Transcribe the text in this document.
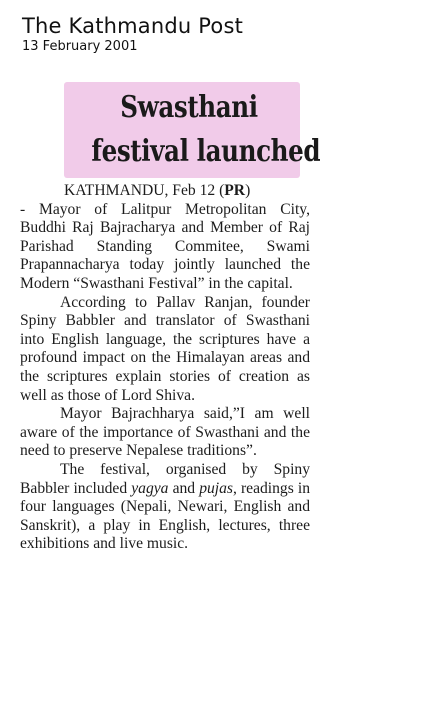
The Kathmandu Post
13 February 2001
Swasthani
festival launched

KATHMANDU, Feb 12 (PR)
- Mayor of Lalitpur Metropolitan City, Buddhi Raj Bajracharya and Member of Raj Parishad Standing Commitee, Swami Prapannacharya today jointly launched the Modern “Swasthani Festival” in the capital.

According to Pallav Ranjan, founder Spiny Babbler and translator of Swasthani into English language, the scriptures have a profound impact on the Himalayan areas and the scriptures explain stories of creation as well as those of Lord Shiva.

Mayor Bajrachharya said,”I am well aware of the importance of Swasthani and the need to preserve Nepalese traditions”.

The festival, organised by Spiny Babbler included yagya and pujas, readings in four languages (Nepali, Newari, English and Sanskrit), a play in English, lectures, three exhibitions and live music.
